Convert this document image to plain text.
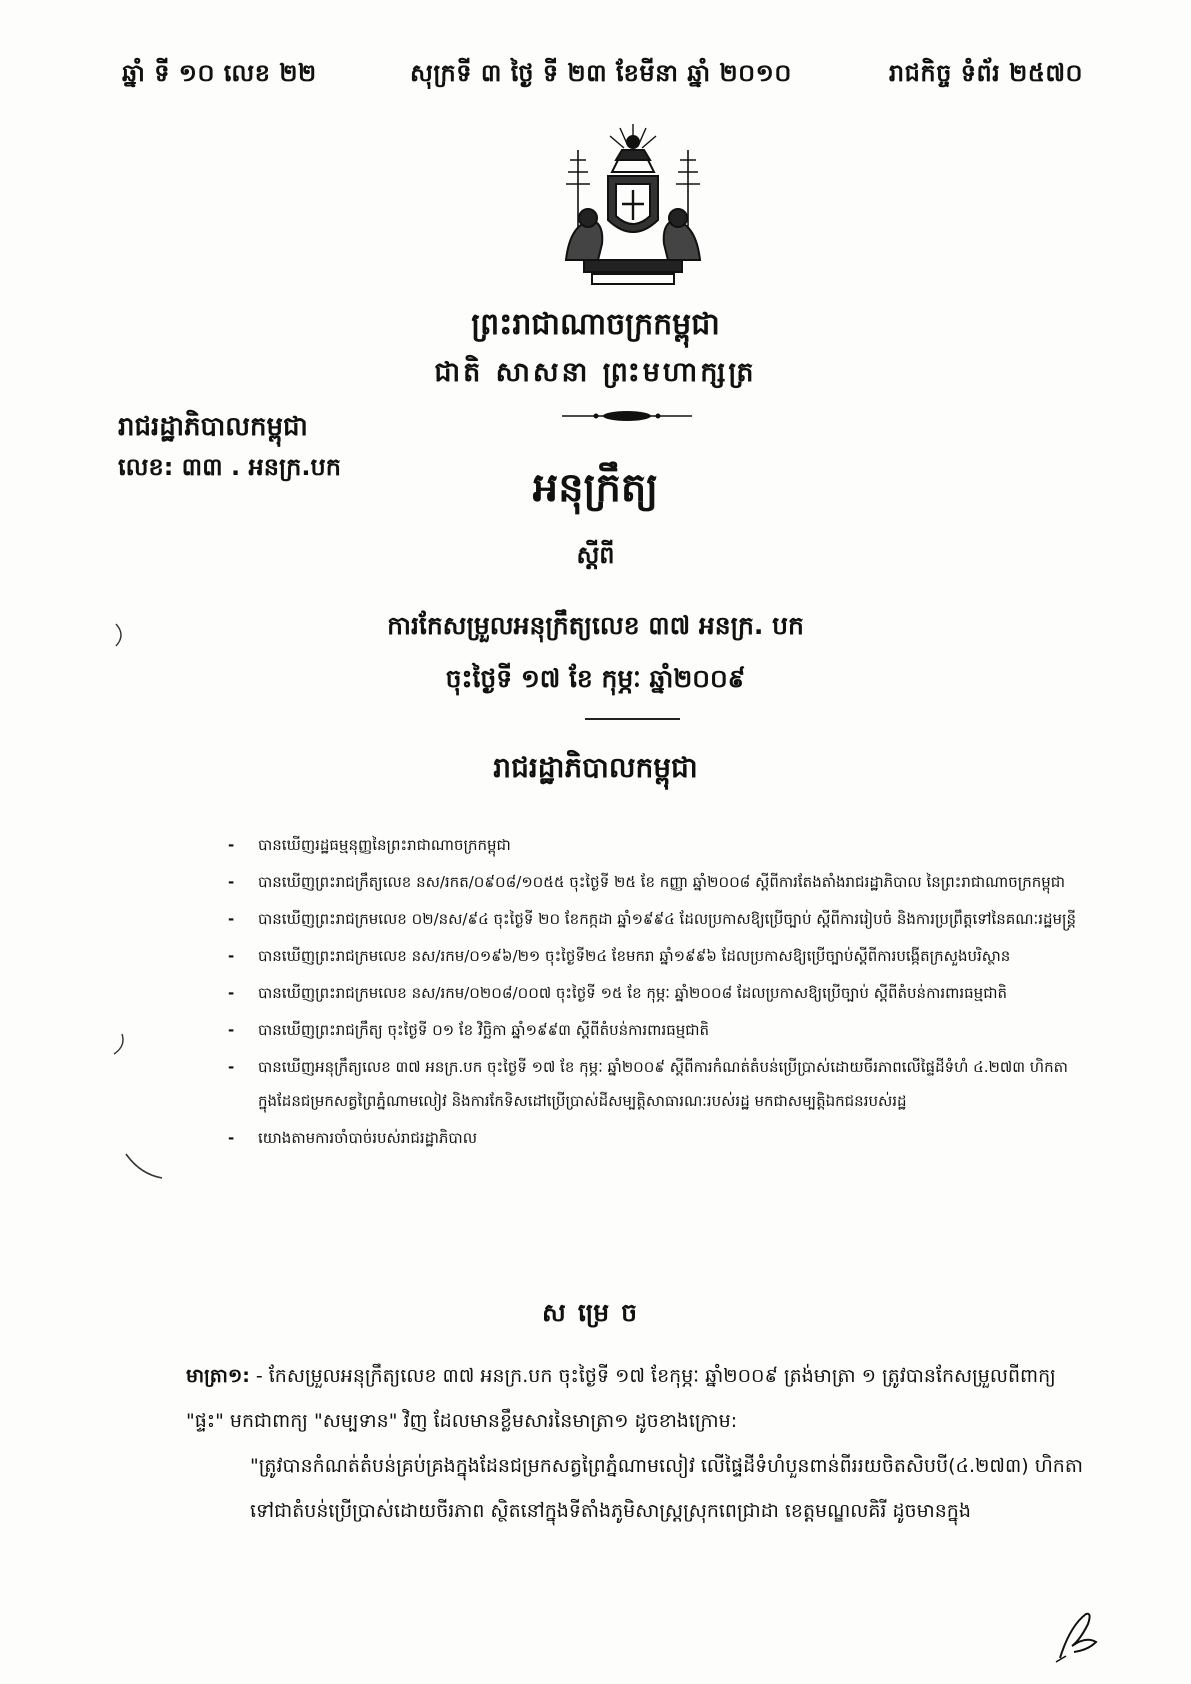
ឆ្នាំ ទី ១០ លេខ ២២	សុក្រទី ៣ ថ្ងៃ ទី ២៣ ខែមីនា ឆ្នាំ ២០១០	រាជកិច្ច ទំព័រ ២៥៧០
ព្រះរាជាណាចក្រកម្ពុជា
ជាតិ សាសនា ព្រះមហាក្សត្រ
រាជរដ្ឋាភិបាលកម្ពុជា
លេខ: ៣៣ . អនក្រ.បក	អនុក្រឹត្យ
ស្តីពី
ការកែសម្រួលអនុក្រឹត្យលេខ ៣៧ អនក្រ. បក
ចុះថ្ងៃទី ១៧ ខែ កុម្ភៈ ឆ្នាំ២០០៩
រាជរដ្ឋាភិបាលកម្ពុជា
- បានឃើញរដ្ឋធម្មនុញ្ញនៃព្រះរាជាណាចក្រកម្ពុជា
- បានឃើញព្រះរាជក្រឹត្យលេខ នស/រកត/០៩០៨/១០៥៥ ចុះថ្ងៃទី ២៥ ខែ កញ្ញា ឆ្នាំ២០០៨ ស្តីពីការតែងតាំងរាជរដ្ឋាភិបាល នៃព្រះរាជាណាចក្រកម្ពុជា
- បានឃើញព្រះរាជក្រមលេខ ០២/នស/៩៤ ចុះថ្ងៃទី ២០ ខែកក្កដា ឆ្នាំ១៩៩៤ ដែលប្រកាសឱ្យប្រើច្បាប់ ស្តីពីការរៀបចំ និងការប្រព្រឹត្តទៅនៃគណៈរដ្ឋមន្ត្រី
- បានឃើញព្រះរាជក្រមលេខ នស/រកម/០១៩៦/២១ ចុះថ្ងៃទី២៤ ខែមករា ឆ្នាំ១៩៩៦ ដែលប្រកាសឱ្យប្រើច្បាប់ស្តីពីការបង្កើតក្រសួងបរិស្ថាន
- បានឃើញព្រះរាជក្រមលេខ នស/រកម/០២០៨/០០៧ ចុះថ្ងៃទី ១៥ ខែ កុម្ភៈ ឆ្នាំ២០០៨ ដែលប្រកាសឱ្យប្រើច្បាប់ ស្តីពីតំបន់ការពារធម្មជាតិ
- បានឃើញព្រះរាជក្រឹត្យ ចុះថ្ងៃទី ០១ ខែ វិច្ឆិកា ឆ្នាំ១៩៩៣ ស្តីពីតំបន់ការពារធម្មជាតិ
- បានឃើញអនុក្រឹត្យលេខ ៣៧ អនក្រ.បក ចុះថ្ងៃទី ១៧ ខែ កុម្ភៈ ឆ្នាំ២០០៩ ស្តីពីការកំណត់តំបន់ប្រើប្រាស់ដោយចីរភាពលើផ្ទៃដីទំហំ ៤.២៧៣ ហិកតា ក្នុងដែនជម្រកសត្វព្រៃភ្នំណាមលៀវ និងការកែទិសដៅប្រើប្រាស់ដីសម្បត្តិសាធារណៈរបស់រដ្ឋ មកជាសម្បត្តិឯកជនរបស់រដ្ឋ
- យោងតាមការចាំបាច់របស់រាជរដ្ឋាភិបាល
សម្រេច

មាត្រា១: - កែសម្រួលអនុក្រឹត្យលេខ ៣៧ អនក្រ.បក ចុះថ្ងៃទី ១៧ ខែកុម្ភៈ ឆ្នាំ២០០៩ ត្រង់មាត្រា ១ ត្រូវបានកែសម្រួលពីពាក្យ "ផ្ទះ" មកជាពាក្យ "សម្បទាន" វិញ ដែលមានខ្លឹមសារនៃមាត្រា១ ដូចខាងក្រោម:

"ត្រូវបានកំណត់តំបន់គ្រប់គ្រងក្នុងដែនជម្រកសត្វព្រៃភ្នំណាមលៀវ លើផ្ទៃដីទំហំបួនពាន់ពីររយចិតសិបបី(៤.២៧៣) ហិកតា ទៅជាតំបន់ប្រើប្រាស់ដោយចីរភាព ស្ថិតនៅក្នុងទីតាំងភូមិសាស្ត្រស្រុកពេជ្រាដា ខេត្តមណ្ឌលគិរី ដូចមានក្នុង
